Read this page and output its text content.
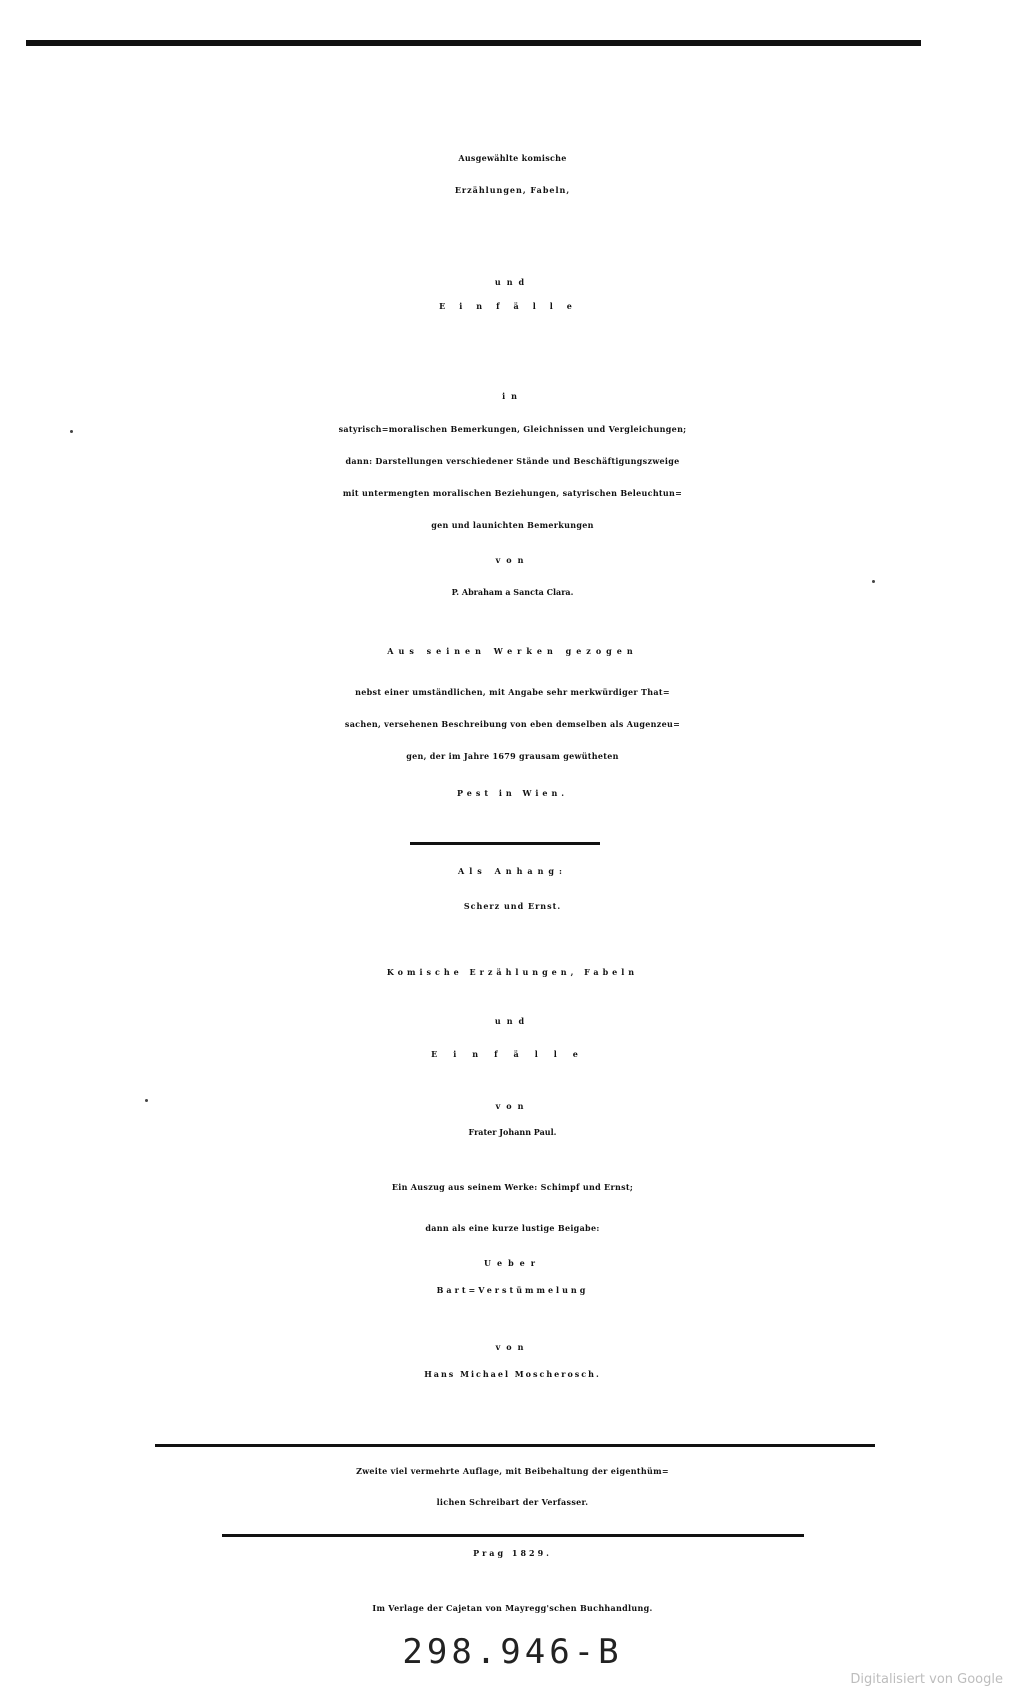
Ausgewählte komische
Erzählungen, Fabeln,
und
Einfälle
in
satyrisch=moralischen Bemerkungen, Gleichnissen und Vergleichungen;
dann: Darstellungen verschiedener Stände und Beschäftigungszweige
mit untermengten moralischen Beziehungen, satyrischen Beleuchtun=
gen und launichten Bemerkungen
von
P. Abraham a Sancta Clara.
Aus seinen Werken gezogen
nebst einer umständlichen, mit Angabe sehr merkwürdiger That=
sachen, versehenen Beschreibung von eben demselben als Augenzeu=
gen, der im Jahre 1679 grausam gewütheten
Pest in Wien.
Als Anhang:
Scherz und Ernst.
Komische Erzählungen, Fabeln
und
Einfälle
von
Frater Johann Paul.
Ein Auszug aus seinem Werke: Schimpf und Ernst;
dann als eine kurze lustige Beigabe:
Ueber
Bart=Verstümmelung
von
Hans Michael Moscherosch.
Zweite viel vermehrte Auflage, mit Beibehaltung der eigenthüm=
lichen Schreibart der Verfasser.
Prag 1829.
Im Verlage der Cajetan von Mayregg'schen Buchhandlung.
298.946-B
Digitalisiert von Google
